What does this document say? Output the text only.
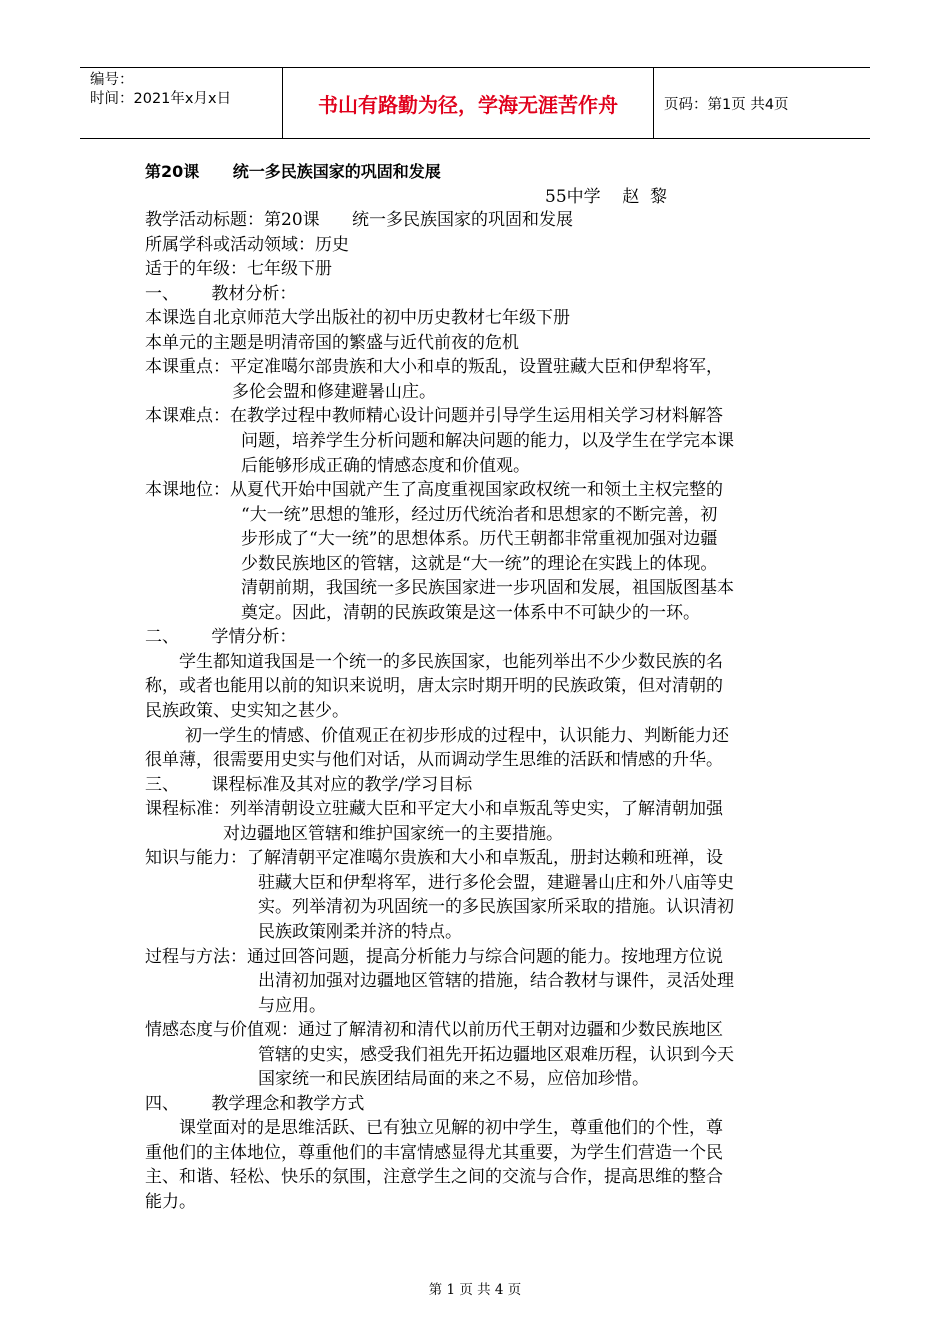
编号：
时间：2021年x月x日	书山有路勤为径，学海无涯苦作舟	页码：第1页 共4页
第20课      统一多民族国家的巩固和发展
55中学    赵  黎
教学活动标题：第20课      统一多民族国家的巩固和发展
所属学科或活动领域：历史
适于的年级：七年级下册
一、      教材分析：
本课选自北京师范大学出版社的初中历史教材七年级下册
本单元的主题是明清帝国的繁盛与近代前夜的危机
本课重点：平定准噶尔部贵族和大小和卓的叛乱，设置驻藏大臣和伊犁将军，
多伦会盟和修建避暑山庄。
本课难点：在教学过程中教师精心设计问题并引导学生运用相关学习材料解答
问题，培养学生分析问题和解决问题的能力，以及学生在学完本课
后能够形成正确的情感态度和价值观。
本课地位：从夏代开始中国就产生了高度重视国家政权统一和领土主权完整的
“大一统”思想的雏形，经过历代统治者和思想家的不断完善，初
步形成了“大一统”的思想体系。历代王朝都非常重视加强对边疆
少数民族地区的管辖，这就是“大一统”的理论在实践上的体现。
清朝前期，我国统一多民族国家进一步巩固和发展，祖国版图基本
奠定。因此，清朝的民族政策是这一体系中不可缺少的一环。
二、      学情分析：
学生都知道我国是一个统一的多民族国家，也能列举出不少少数民族的名
称，或者也能用以前的知识来说明，唐太宗时期开明的民族政策，但对清朝的
民族政策、史实知之甚少。
初一学生的情感、价值观正在初步形成的过程中，认识能力、判断能力还
很单薄，很需要用史实与他们对话，从而调动学生思维的活跃和情感的升华。
三、      课程标准及其对应的教学/学习目标
课程标准：列举清朝设立驻藏大臣和平定大小和卓叛乱等史实，了解清朝加强
对边疆地区管辖和维护国家统一的主要措施。
知识与能力：了解清朝平定准噶尔贵族和大小和卓叛乱，册封达赖和班禅，设
驻藏大臣和伊犁将军，进行多伦会盟，建避暑山庄和外八庙等史
实。列举清初为巩固统一的多民族国家所采取的措施。认识清初
民族政策刚柔并济的特点。
过程与方法：通过回答问题，提高分析能力与综合问题的能力。按地理方位说
出清初加强对边疆地区管辖的措施，结合教材与课件，灵活处理
与应用。
情感态度与价值观：通过了解清初和清代以前历代王朝对边疆和少数民族地区
管辖的史实，感受我们祖先开拓边疆地区艰难历程，认识到今天
国家统一和民族团结局面的来之不易，应倍加珍惜。
四、      教学理念和教学方式
课堂面对的是思维活跃、已有独立见解的初中学生，尊重他们的个性，尊
重他们的主体地位，尊重他们的丰富情感显得尤其重要，为学生们营造一个民
主、和谐、轻松、快乐的氛围，注意学生之间的交流与合作，提高思维的整合
能力。
第 1 页 共 4 页
